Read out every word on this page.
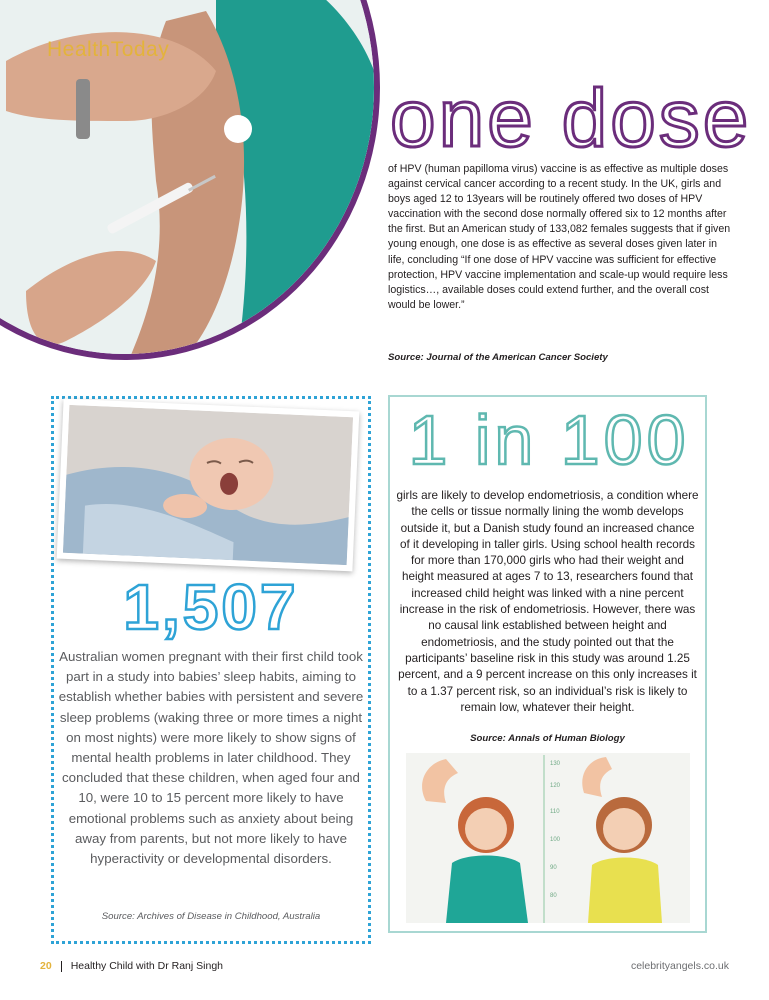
HealthToday
one dose
of HPV (human papilloma virus) vaccine is as effective as multiple doses against cervical cancer according to a recent study. In the UK, girls and boys aged 12 to 13years will be routinely offered two doses of HPV vaccination with the second dose normally offered six to 12 months after the first. But an American study of 133,082 females suggests that if given young enough, one dose is as effective as several doses given later in life, concluding “If one dose of HPV vaccine was sufficient for effective protection, HPV vaccine implementation and scale-up would require less logistics…, available doses could extend further, and the overall cost would be lower.”
Source: Journal of the American Cancer Society
1,507
Australian women pregnant with their first child took part in a study into babies’ sleep habits, aiming to establish whether babies with persistent and severe sleep problems (waking three or more times a night on most nights) were more likely to show signs of mental health problems in later childhood. They concluded that these children, when aged four and 10, were 10 to 15 percent more likely to have emotional problems such as anxiety about being away from parents, but not more likely to have hyperactivity or developmental disorders.
Source: Archives of Disease in Childhood, Australia
1 in 100
girls are likely to develop endometriosis, a condition where the cells or tissue normally lining the womb develops outside it, but a Danish study found an increased chance of it developing in taller girls. Using school health records for more than 170,000 girls who had their weight and height measured at ages 7 to 13, researchers found that increased child height was linked with a nine percent increase in the risk of endometriosis. However, there was no causal link established between height and endometriosis, and the study pointed out that the participants’ baseline risk in this study was around 1.25 percent, and a 9 percent increase on this only increases it to a 1.37 percent risk, so an individual’s risk is likely to remain low, whatever their height.
Source: Annals of Human Biology
130
120
110
100
90
80
20 Healthy Child with Dr Ranj Singh	celebrityangels.co.uk
